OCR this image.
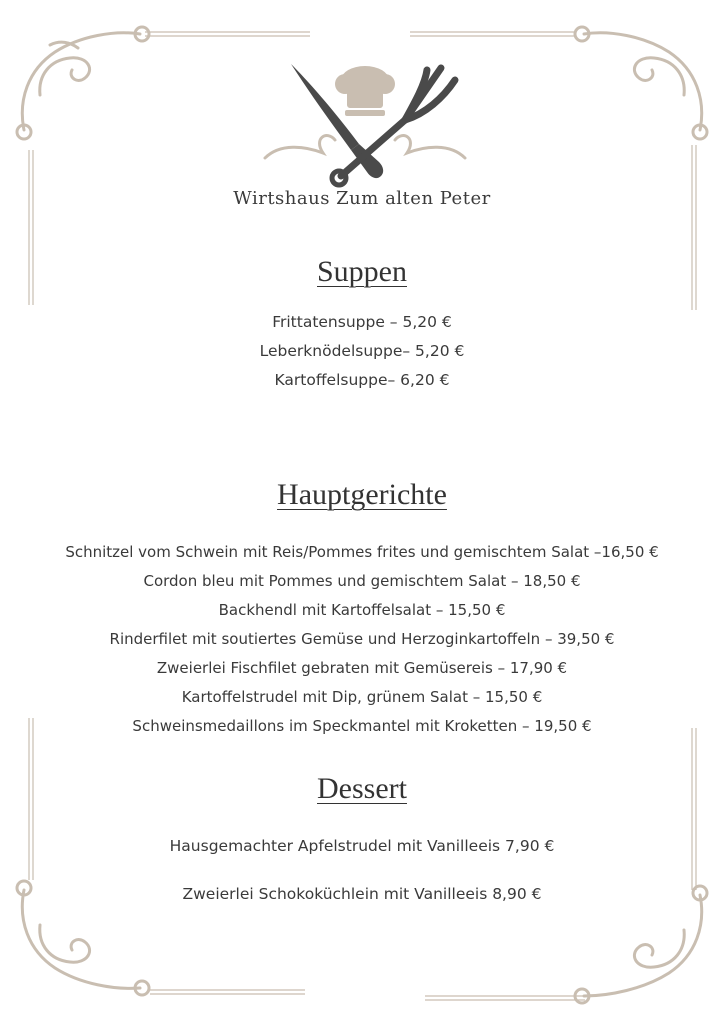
Wirtshaus Zum alten Peter
Suppen
Frittatensuppe – 5,20 €
Leberknödelsuppe– 5,20 €
Kartoffelsuppe– 6,20 €
Hauptgerichte
Schnitzel vom Schwein mit Reis/Pommes frites und gemischtem Salat –16,50 €
Cordon bleu mit Pommes und gemischtem Salat – 18,50 €
Backhendl mit Kartoffelsalat – 15,50 €
Rinderfilet mit soutiertes Gemüse und Herzoginkartoffeln – 39,50 €
Zweierlei Fischfilet gebraten mit Gemüsereis – 17,90 €
Kartoffelstrudel mit Dip, grünem Salat – 15,50 €
Schweinsmedaillons im Speckmantel mit Kroketten – 19,50 €
Dessert
Hausgemachter Apfelstrudel mit Vanilleeis 7,90 €
Zweierlei Schokoküchlein mit Vanilleeis 8,90 €
